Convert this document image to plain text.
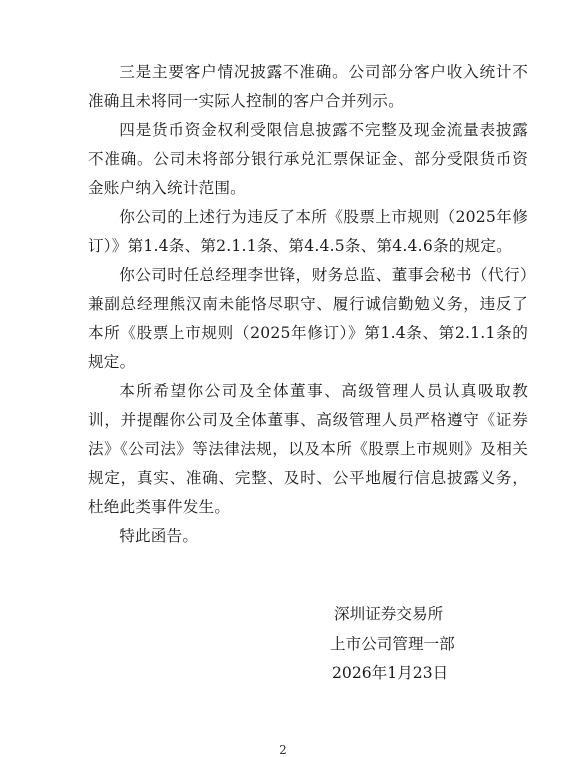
三是主要客户情况披露不准确。公司部分客户收入统计不准确且未将同一实际人控制的客户合并列示。

四是货币资金权利受限信息披露不完整及现金流量表披露不准确。公司未将部分银行承兑汇票保证金、部分受限货币资金账户纳入统计范围。

你公司的上述行为违反了本所《股票上市规则（2025年修订）》第1.4条、第2.1.1条、第4.4.5条、第4.4.6条的规定。

你公司时任总经理李世锋，财务总监、董事会秘书（代行）兼副总经理熊汉南未能恪尽职守、履行诚信勤勉义务，违反了本所《股票上市规则（2025年修订）》第1.4条、第2.1.1条的规定。

本所希望你公司及全体董事、高级管理人员认真吸取教训，并提醒你公司及全体董事、高级管理人员严格遵守《证券法》《公司法》等法律法规，以及本所《股票上市规则》及相关规定，真实、准确、完整、及时、公平地履行信息披露义务，杜绝此类事件发生。

特此函告。

深圳证券交易所
上市公司管理一部
2026年1月23日
2
